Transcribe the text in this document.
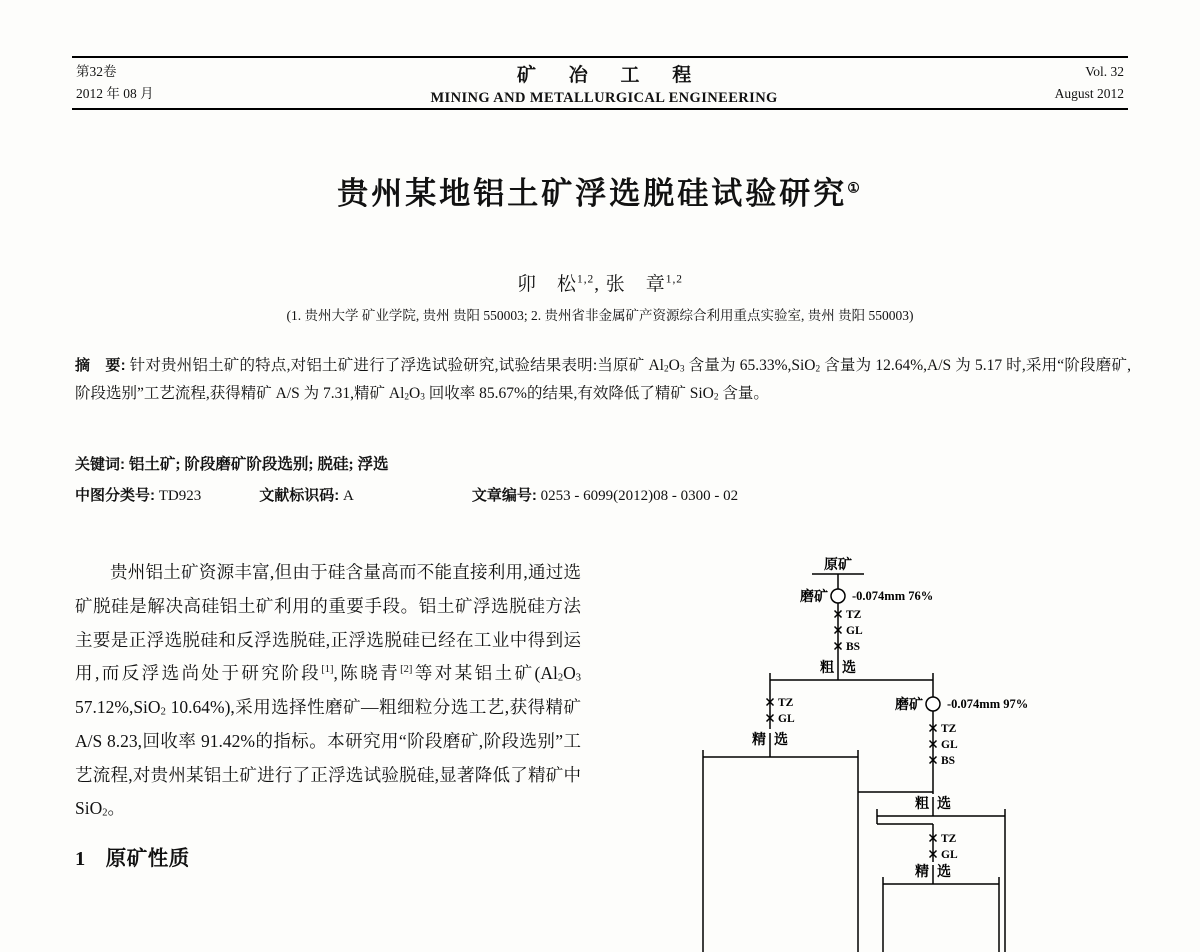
第32卷
2012 年 08 月
矿 冶 工 程
MINING AND METALLURGICAL ENGINEERING
Vol. 32
August 2012
贵州某地铝土矿浮选脱硅试验研究①
卯　松$^{1,2}$, 张　章$^{1,2}$
(1. 贵州大学 矿业学院, 贵州 贵阳 550003; 2. 贵州省非金属矿产资源综合利用重点实验室, 贵州 贵阳 550003)
摘　要: 针对贵州铝土矿的特点,对铝土矿进行了浮选试验研究,试验结果表明:当原矿 $Al_2O_3$ 含量为 65.33%,SiO$_2$ 含量为 12.64%,A/S 为 5.17 时,采用“阶段磨矿,阶段选别”工艺流程,获得精矿 A/S 为 7.31,精矿 $Al_2O_3$ 回收率 85.67%的结果,有效降低了精矿 SiO$_2$ 含量。
关键词: 铝土矿; 阶段磨矿阶段选别; 脱硅; 浮选
中图分类号: TD923	文献标识码: A	文章编号: 0253 - 6099(2012)08 - 0300 - 02

贵州铝土矿资源丰富,但由于硅含量高而不能直接利用,通过选矿脱硅是解决高硅铝土矿利用的重要手段。铝土矿浮选脱硅方法主要是正浮选脱硅和反浮选脱硅,正浮选脱硅已经在工业中得到运用,而反浮选尚处于研究阶段[1],陈晓青[2]等对某铝土矿($Al_2O_3$ 57.12%,SiO$_2$ 10.64%),采用选择性磨矿—粗细粒分选工艺,获得精矿 A/S 8.23,回收率 91.42%的指标。本研究用“阶段磨矿,阶段选别”工艺流程,对贵州某铝土矿进行了正浮选试验脱硅,显著降低了精矿中SiO$_2$。

1 原矿性质
原矿
磨矿 -0.074mm 76%
TZ
GL
BS
粗选
TZ
GL
精选
磨矿 -0.074mm 97%
TZ
GL
BS
粗选
TZ
GL
精选
